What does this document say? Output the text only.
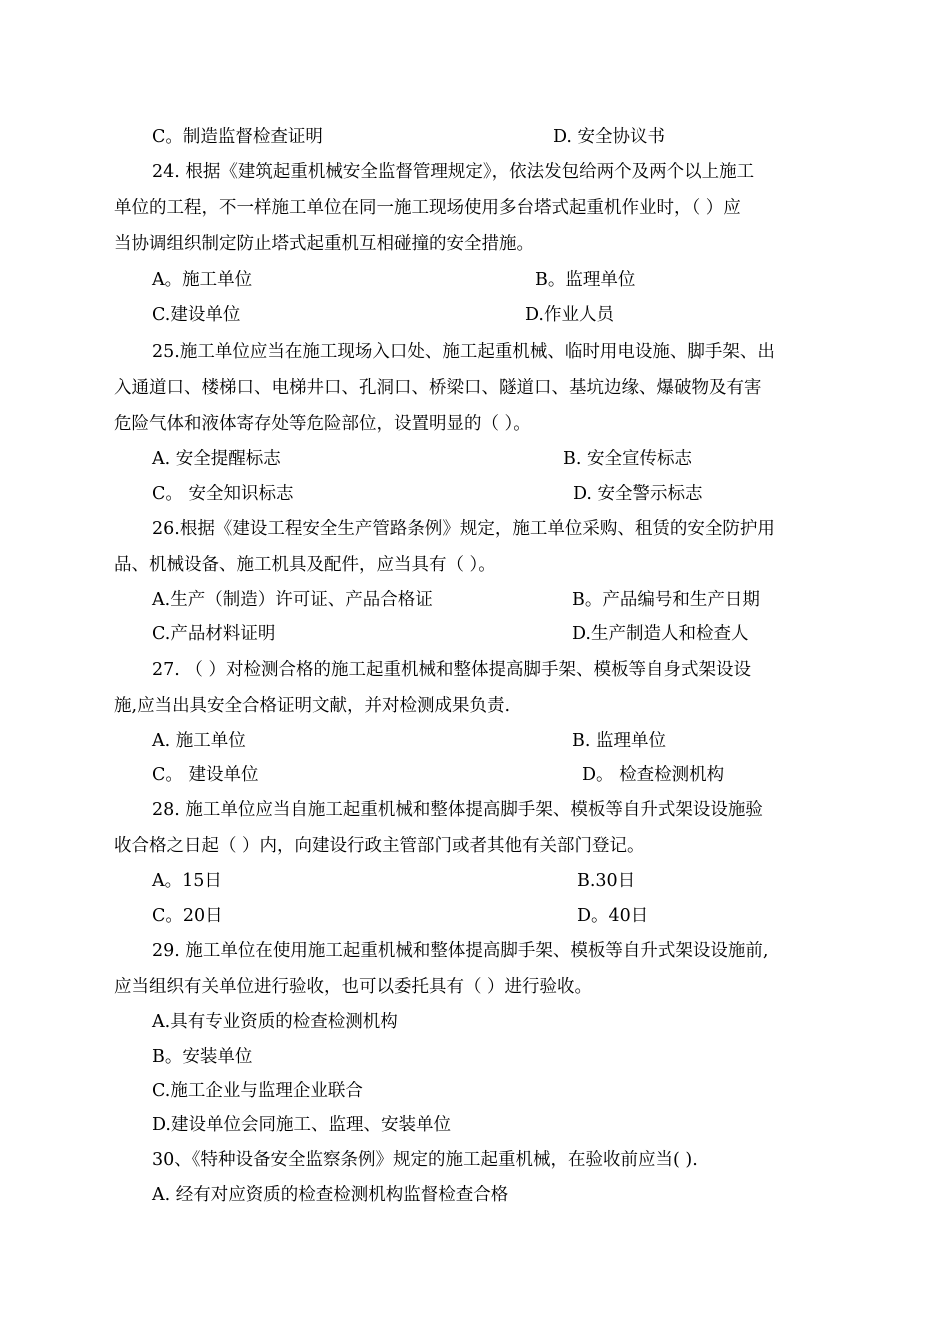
C。制造监督检查证明	D. 安全协议书
24. 根据《建筑起重机械安全监督管理规定》，依法发包给两个及两个以上施工
单位的工程，不一样施工单位在同一施工现场使用多台塔式起重机作业时，（ ）应
当协调组织制定防止塔式起重机互相碰撞的安全措施。
A。施工单位	B。监理单位
C.建设单位	D.作业人员
25.施工单位应当在施工现场入口处、施工起重机械、临时用电设施、脚手架、出
入通道口、楼梯口、电梯井口、孔洞口、桥梁口、隧道口、基坑边缘、爆破物及有害
危险气体和液体寄存处等危险部位，设置明显的（ ）。
A. 安全提醒标志	B. 安全宣传标志
C。 安全知识标志	D. 安全警示标志
26.根据《建设工程安全生产管路条例》规定，施工单位采购、租赁的安全防护用
品、机械设备、施工机具及配件，应当具有（ ）。
A.生产（制造）许可证、产品合格证	B。产品编号和生产日期
C.产品材料证明	D.生产制造人和检查人
27. （ ）对检测合格的施工起重机械和整体提高脚手架、模板等自身式架设设
施,应当出具安全合格证明文献，并对检测成果负责.
A. 施工单位	B. 监理单位
C。 建设单位	D。 检查检测机构
28. 施工单位应当自施工起重机械和整体提高脚手架、模板等自升式架设设施验
收合格之日起（ ）内，向建设行政主管部门或者其他有关部门登记。
A。15日	B.30日
C。20日	D。40日
29. 施工单位在使用施工起重机械和整体提高脚手架、模板等自升式架设设施前,
应当组织有关单位进行验收，也可以委托具有（ ）进行验收。
A.具有专业资质的检查检测机构
B。安装单位
C.施工企业与监理企业联合
D.建设单位会同施工、监理、安装单位
30、《特种设备安全监察条例》规定的施工起重机械，在验收前应当( ).
A. 经有对应资质的检查检测机构监督检查合格
